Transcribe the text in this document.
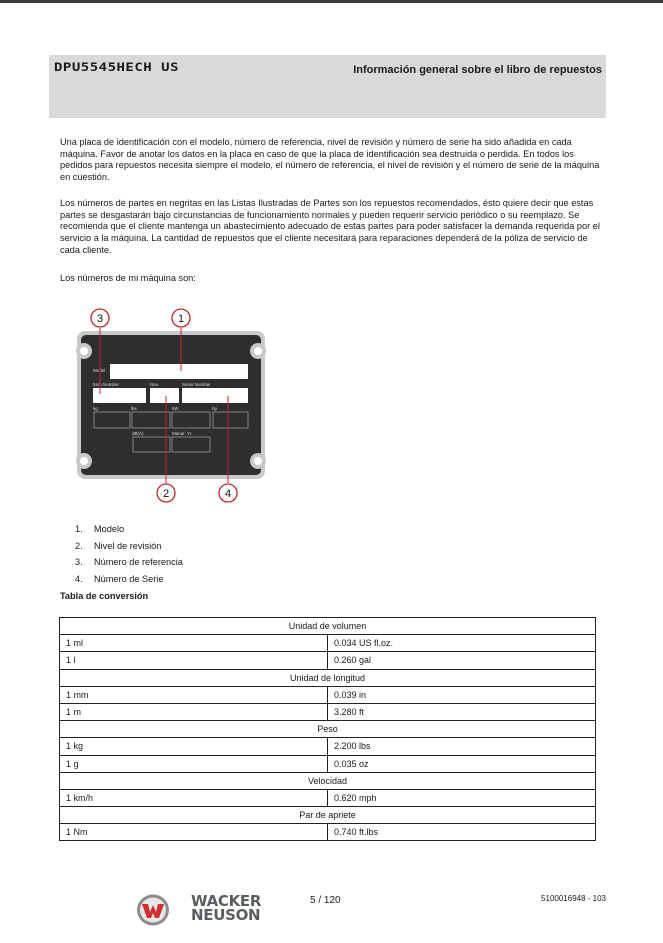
DPU5545HECH US	Información general sobre el libro de repuestos

Una placa de identificación con el modelo, número de referencia, nivel de revisión y número de serie ha sido añadida en cada máquina. Favor de anotar los datos en la placa en caso de que la placa de identificación sea destruida o perdida. En todos los pedidos para repuestos necesita siempre el modelo, el número de referencia, el nivel de revisión y el número de serie de la máquina en cuestión.

Los números de partes en negritas en las Listas Ilustradas de Partes son los repuestos recomendados, ésto quiere decir que estas partes se desgastarán bajo circunstancias de funcionamiento normales y pueden requerir servicio periódico o su reemplazo. Se recomienda que el cliente mantenga un abastecimiento adecuado de estas partes para poder satisfacer la demanda requerida por el servicio a la máquina. La cantidad de repuestos que el cliente necesitará para reparaciones dependerá de la póliza de servicio de cada cliente.

Los números de mi máquina son:

Model
Item Number	Rev.	Serial Number
kg	lbs	kW	hp
dB(A)	Manuf. Yr.
3	1
2	4
1.	Modelo
2.	Nivel de revisión
3.	Número de referencia
4.	Número de Serie
Tabla de conversión
Unidad de volumen	
1 ml	0.034 US fl.oz.
1 l	0.260 gal
Unidad de longitud	
1 mm	0.039 in
1 m	3.280 ft
Peso	
1 kg	2.200 lbs
1 g	0.035 oz
Velocidad	
1 km/h	0.620 mph
Par de apriete	
1 Nm	0.740 ft.lbs
WACKER
NEUSON
5 / 120	5100016948 - 103
